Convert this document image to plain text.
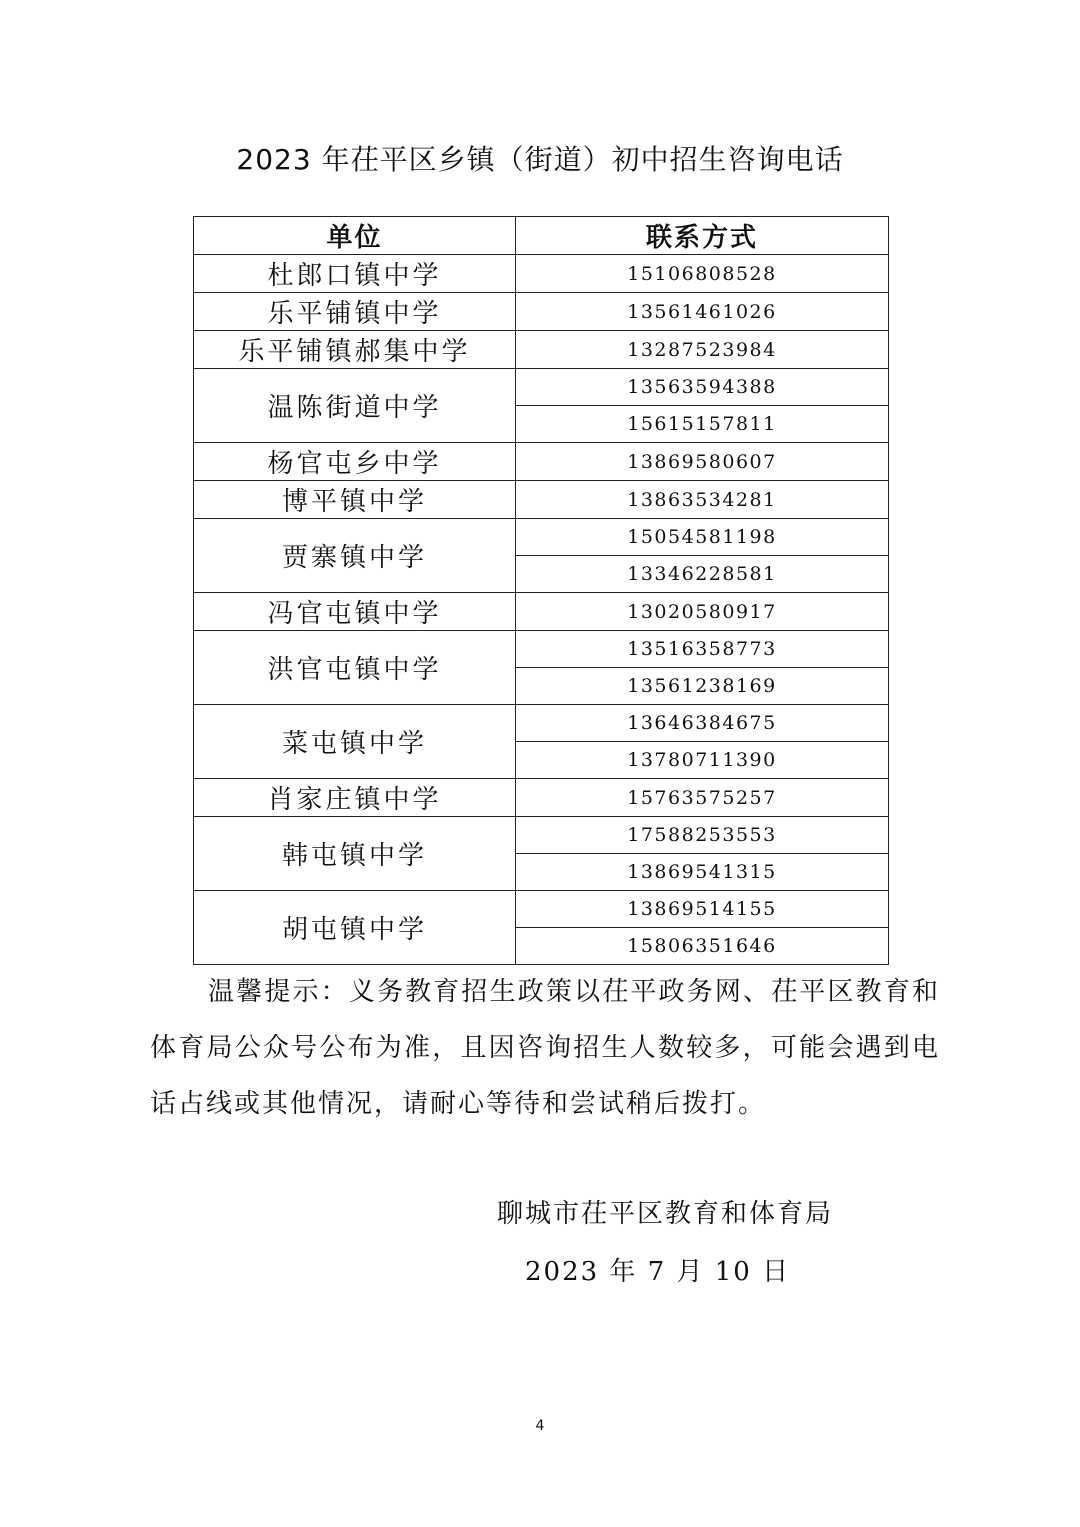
2023 年茌平区乡镇（街道）初中招生咨询电话
单位	联系方式
杜郎口镇中学	15106808528
乐平铺镇中学	13561461026
乐平铺镇郝集中学	13287523984
温陈街道中学	13563594388
	15615157811
杨官屯乡中学	13869580607
博平镇中学	13863534281
贾寨镇中学	15054581198
	13346228581
冯官屯镇中学	13020580917
洪官屯镇中学	13516358773
	13561238169
菜屯镇中学	13646384675
	13780711390
肖家庄镇中学	15763575257
韩屯镇中学	17588253553
	13869541315
胡屯镇中学	13869514155
	15806351646

温馨提示：义务教育招生政策以茌平政务网、茌平区教育和体育局公众号公布为准，且因咨询招生人数较多，可能会遇到电话占线或其他情况，请耐心等待和尝试稍后拨打。

聊城市茌平区教育和体育局
2023 年 7 月 10 日
4
